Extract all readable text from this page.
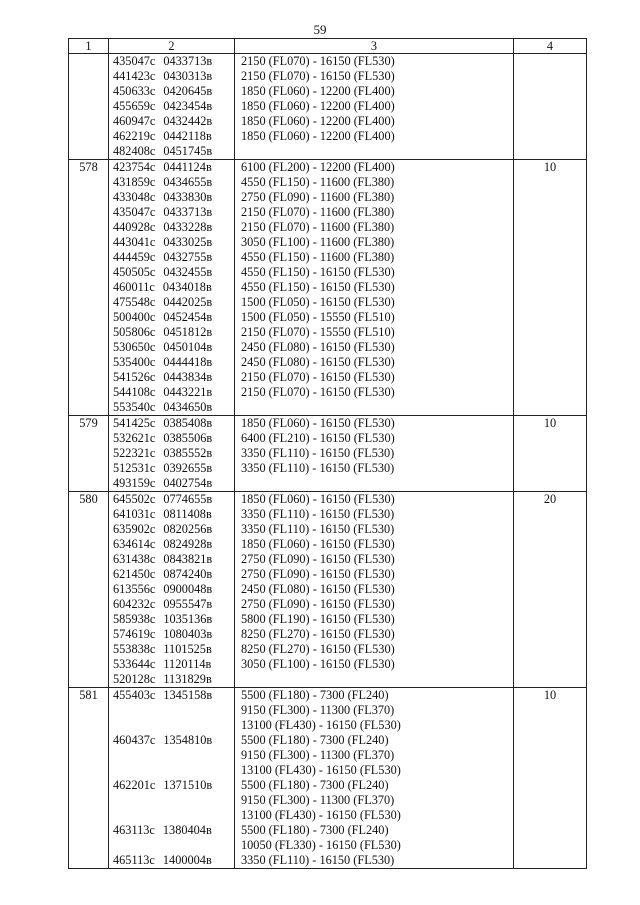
59
1	2	3	4
	435047с 0433713в	2150 (FL070) - 16150 (FL530)	
	441423с 0430313в	2150 (FL070) - 16150 (FL530)	
	450633с 0420645в	1850 (FL060) - 12200 (FL400)	
	455659с 0423454в	1850 (FL060) - 12200 (FL400)	
	460947с 0432442в	1850 (FL060) - 12200 (FL400)	
	462219с 0442118в	1850 (FL060) - 12200 (FL400)	
	482408с 0451745в		
578	423754с 0441124в	6100 (FL200) - 12200 (FL400)	10
	431859с 0434655в	4550 (FL150) - 11600 (FL380)	
	433048с 0433830в	2750 (FL090) - 11600 (FL380)	
	435047с 0433713в	2150 (FL070) - 11600 (FL380)	
	440928с 0433228в	2150 (FL070) - 11600 (FL380)	
	443041с 0433025в	3050 (FL100) - 11600 (FL380)	
	444459с 0432755в	4550 (FL150) - 11600 (FL380)	
	450505с 0432455в	4550 (FL150) - 16150 (FL530)	
	460011с 0434018в	4550 (FL150) - 16150 (FL530)	
	475548с 0442025в	1500 (FL050) - 16150 (FL530)	
	500400с 0452454в	1500 (FL050) - 15550 (FL510)	
	505806с 0451812в	2150 (FL070) - 15550 (FL510)	
	530650с 0450104в	2450 (FL080) - 16150 (FL530)	
	535400с 0444418в	2450 (FL080) - 16150 (FL530)	
	541526с 0443834в	2150 (FL070) - 16150 (FL530)	
	544108с 0443221в	2150 (FL070) - 16150 (FL530)	
	553540с 0434650в		
579	541425с 0385408в	1850 (FL060) - 16150 (FL530)	10
	532621с 0385506в	6400 (FL210) - 16150 (FL530)	
	522321с 0385552в	3350 (FL110) - 16150 (FL530)	
	512531с 0392655в	3350 (FL110) - 16150 (FL530)	
	493159с 0402754в		
580	645502с 0774655в	1850 (FL060) - 16150 (FL530)	20
	641031с 0811408в	3350 (FL110) - 16150 (FL530)	
	635902с 0820256в	3350 (FL110) - 16150 (FL530)	
	634614с 0824928в	1850 (FL060) - 16150 (FL530)	
	631438с 0843821в	2750 (FL090) - 16150 (FL530)	
	621450с 0874240в	2750 (FL090) - 16150 (FL530)	
	613556с 0900048в	2450 (FL080) - 16150 (FL530)	
	604232с 0955547в	2750 (FL090) - 16150 (FL530)	
	585938с 1035136в	5800 (FL190) - 16150 (FL530)	
	574619с 1080403в	8250 (FL270) - 16150 (FL530)	
	553838с 1101525в	8250 (FL270) - 16150 (FL530)	
	533644с 1120114в	3050 (FL100) - 16150 (FL530)	
	520128с 1131829в		
581	455403с 1345158в	5500 (FL180) - 7300 (FL240)	10
		9150 (FL300) - 11300 (FL370)	
		13100 (FL430) - 16150 (FL530)	
	460437с 1354810в	5500 (FL180) - 7300 (FL240)	
		9150 (FL300) - 11300 (FL370)	
		13100 (FL430) - 16150 (FL530)	
	462201с 1371510в	5500 (FL180) - 7300 (FL240)	
		9150 (FL300) - 11300 (FL370)	
		13100 (FL430) - 16150 (FL530)	
	463113с 1380404в	5500 (FL180) - 7300 (FL240)	
		10050 (FL330) - 16150 (FL530)	
	465113с 1400004в	3350 (FL110) - 16150 (FL530)	
